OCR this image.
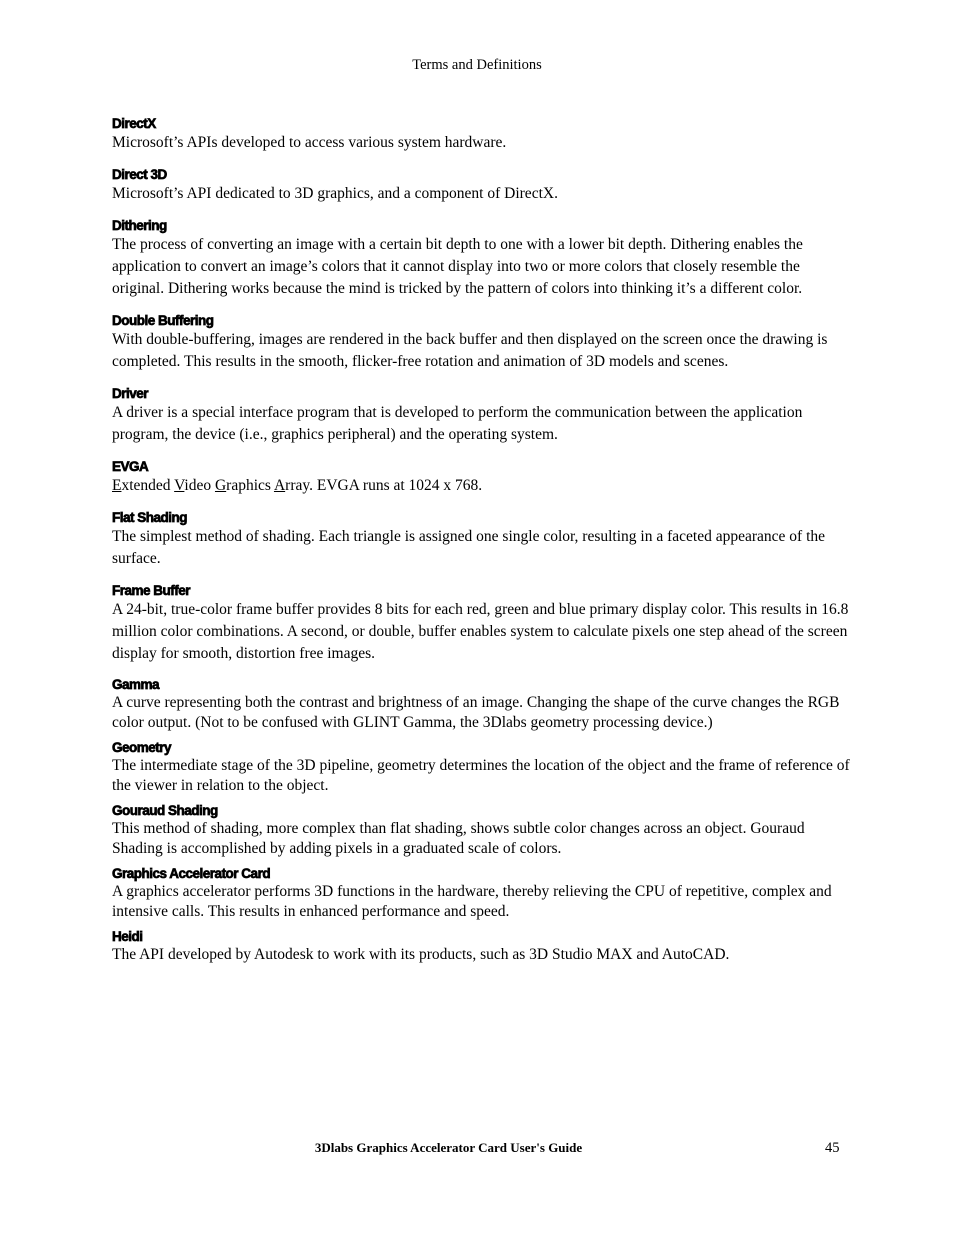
Terms and Definitions

DirectX

Microsoft’s APIs developed to access various system hardware.

Direct 3D

Microsoft’s API dedicated to 3D graphics, and a component of DirectX.

Dithering

The process of converting an image with a certain bit depth to one with a lower bit depth. Dithering enables the application to convert an image’s colors that it cannot display into two or more colors that closely resemble the original. Dithering works because the mind is tricked by the pattern of colors into thinking it’s a different color.

Double Buffering

With double-buffering, images are rendered in the back buffer and then displayed on the screen once the drawing is completed. This results in the smooth, flicker-free rotation and animation of 3D models and scenes.

Driver

A driver is a special interface program that is developed to perform the communication between the application program, the device (i.e., graphics peripheral) and the operating system.

EVGA

Extended Video Graphics Array. EVGA runs at 1024 x 768.

Flat Shading

The simplest method of shading. Each triangle is assigned one single color, resulting in a faceted appearance of the surface.

Frame Buffer

A 24-bit, true-color frame buffer provides 8 bits for each red, green and blue primary display color. This results in 16.8 million color combinations. A second, or double, buffer enables system to calculate pixels one step ahead of the screen display for smooth, distortion free images.

Gamma

A curve representing both the contrast and brightness of an image. Changing the shape of the curve changes the RGB color output. (Not to be confused with GLINT Gamma, the 3Dlabs geometry processing device.)

Geometry

The intermediate stage of the 3D pipeline, geometry determines the location of the object and the frame of reference of the viewer in relation to the object.

Gouraud Shading

This method of shading, more complex than flat shading, shows subtle color changes across an object. Gouraud Shading is accomplished by adding pixels in a graduated scale of colors.

Graphics Accelerator Card

A graphics accelerator performs 3D functions in the hardware, thereby relieving the CPU of repetitive, complex and intensive calls. This results in enhanced performance and speed.

Heidi

The API developed by Autodesk to work with its products, such as 3D Studio MAX and AutoCAD.

3Dlabs Graphics Accelerator Card User's Guide	45
